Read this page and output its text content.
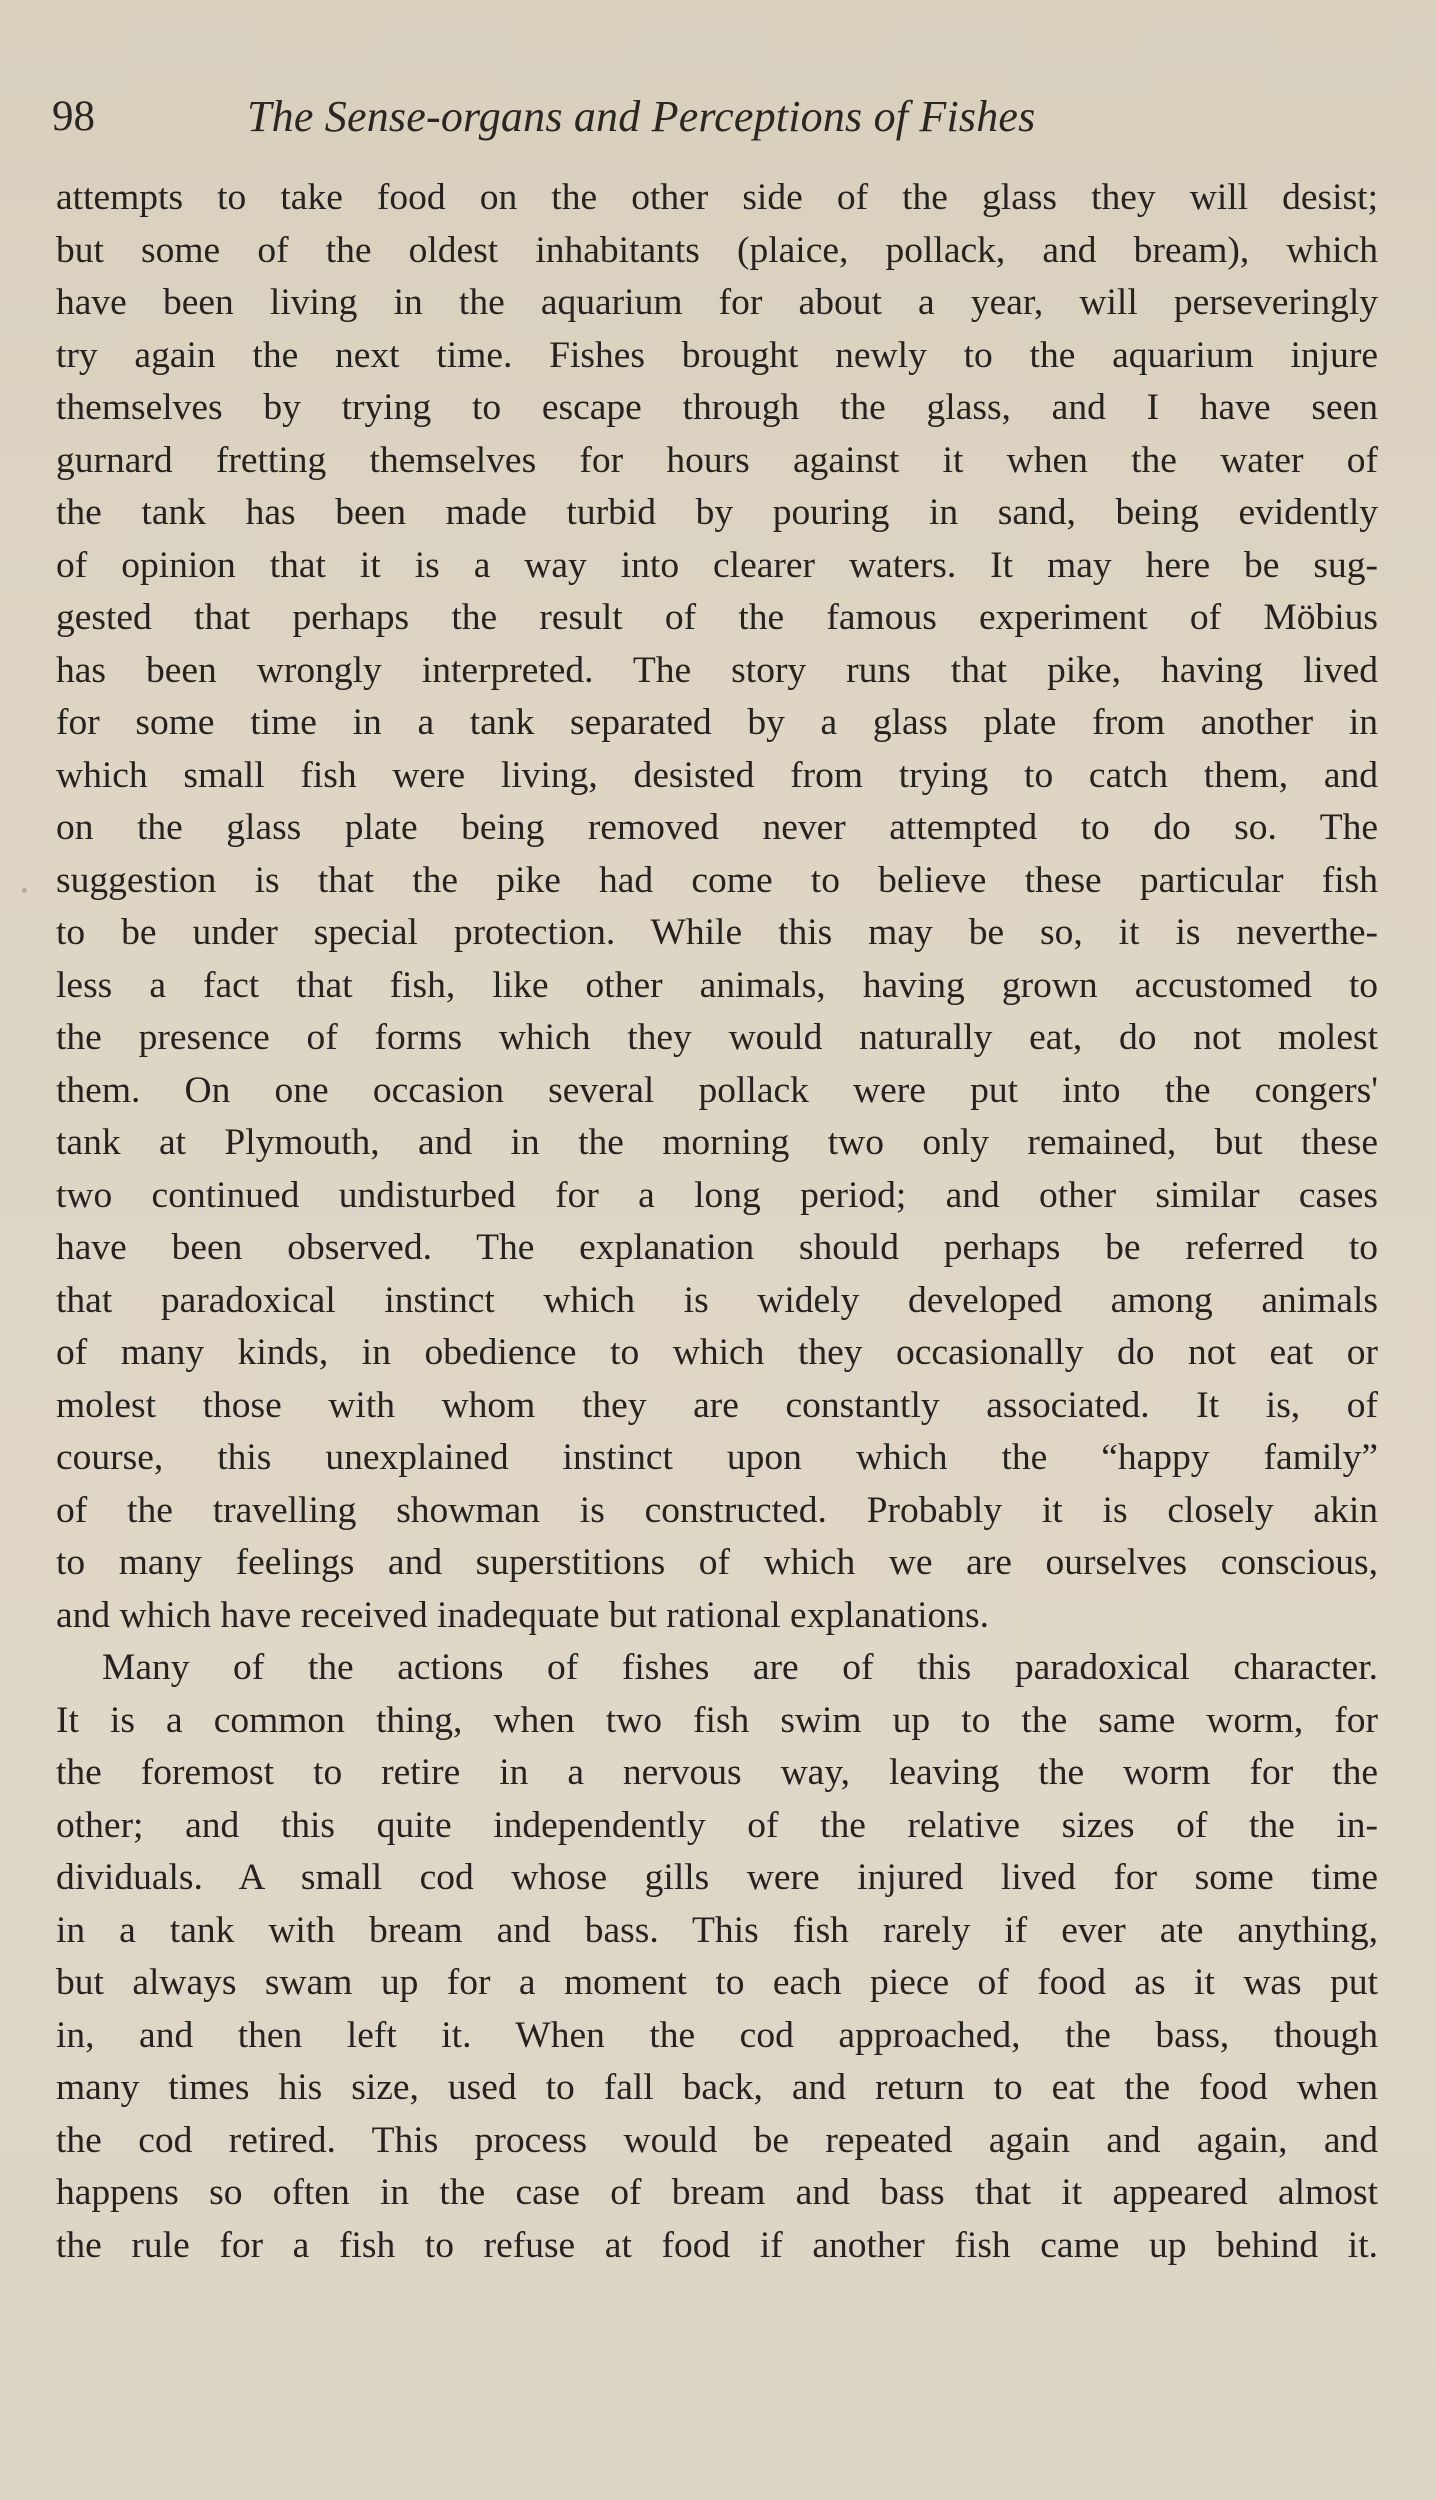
98	The Sense-organs and Perceptions of Fishes
attempts to take food on the other side of the glass they will desist;
but some of the oldest inhabitants (plaice, pollack, and bream), which
have been living in the aquarium for about a year, will perseveringly
try again the next time. Fishes brought newly to the aquarium injure
themselves by trying to escape through the glass, and I have seen
gurnard fretting themselves for hours against it when the water of
the tank has been made turbid by pouring in sand, being evidently
of opinion that it is a way into clearer waters. It may here be sug-
gested that perhaps the result of the famous experiment of Möbius
has been wrongly interpreted. The story runs that pike, having lived
for some time in a tank separated by a glass plate from another in
which small fish were living, desisted from trying to catch them, and
on the glass plate being removed never attempted to do so. The
suggestion is that the pike had come to believe these particular fish
to be under special protection. While this may be so, it is neverthe-
less a fact that fish, like other animals, having grown accustomed to
the presence of forms which they would naturally eat, do not molest
them. On one occasion several pollack were put into the congers'
tank at Plymouth, and in the morning two only remained, but these
two continued undisturbed for a long period; and other similar cases
have been observed. The explanation should perhaps be referred to
that paradoxical instinct which is widely developed among animals
of many kinds, in obedience to which they occasionally do not eat or
molest those with whom they are constantly associated. It is, of
course, this unexplained instinct upon which the “happy family”
of the travelling showman is constructed. Probably it is closely akin
to many feelings and superstitions of which we are ourselves conscious,
and which have received inadequate but rational explanations.
Many of the actions of fishes are of this paradoxical character.
It is a common thing, when two fish swim up to the same worm, for
the foremost to retire in a nervous way, leaving the worm for the
other; and this quite independently of the relative sizes of the in-
dividuals. A small cod whose gills were injured lived for some time
in a tank with bream and bass. This fish rarely if ever ate anything,
but always swam up for a moment to each piece of food as it was put
in, and then left it. When the cod approached, the bass, though
many times his size, used to fall back, and return to eat the food when
the cod retired. This process would be repeated again and again, and
happens so often in the case of bream and bass that it appeared almost
the rule for a fish to refuse at food if another fish came up behind it.
